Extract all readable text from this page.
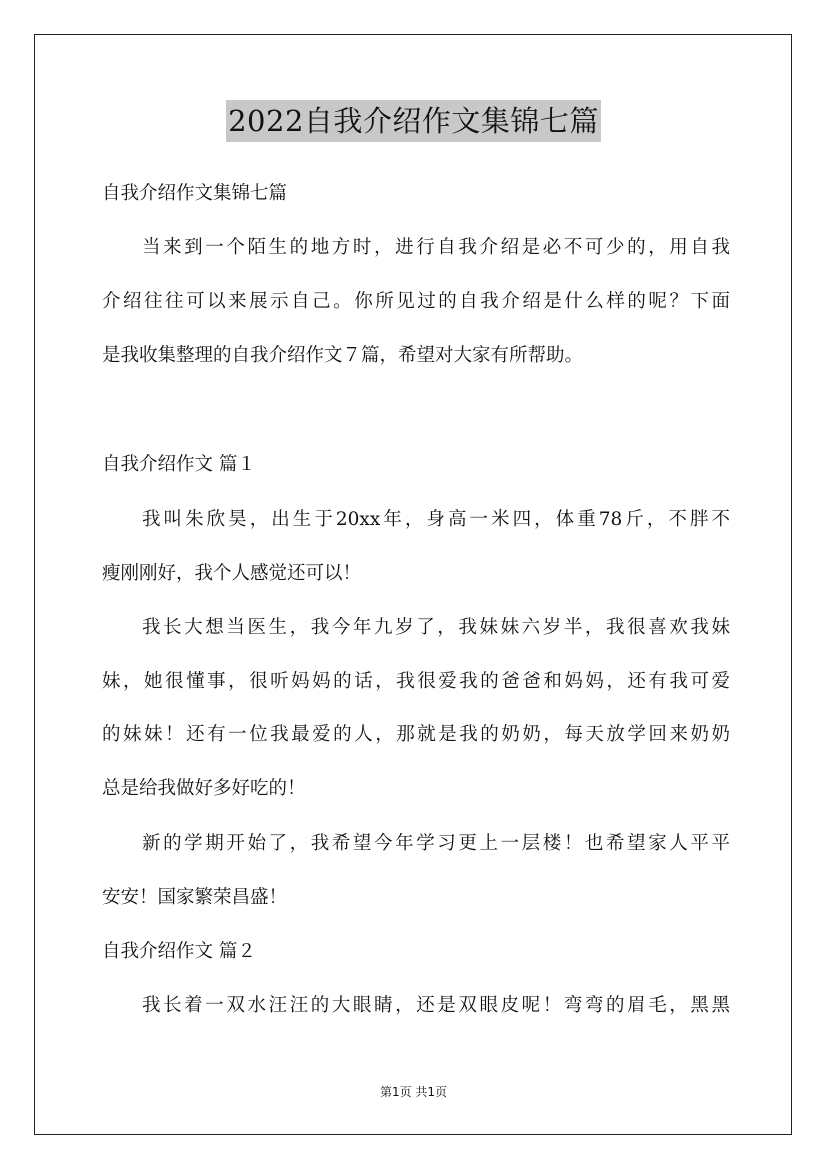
2022自我介绍作文集锦七篇

自我介绍作文集锦七篇

当来到一个陌生的地方时，进行自我介绍是必不可少的，用自我

介绍往往可以来展示自己。你所见过的自我介绍是什么样的呢？下面

是我收集整理的自我介绍作文７篇，希望对大家有所帮助。

自我介绍作文 篇１

我叫朱欣昊，出生于20xx年，身高一米四，体重78斤，不胖不

瘦刚刚好，我个人感觉还可以！

我长大想当医生，我今年九岁了，我妹妹六岁半，我很喜欢我妹

妹，她很懂事，很听妈妈的话，我很爱我的爸爸和妈妈，还有我可爱

的妹妹！还有一位我最爱的人，那就是我的奶奶，每天放学回来奶奶

总是给我做好多好吃的！

新的学期开始了，我希望今年学习更上一层楼！也希望家人平平

安安！国家繁荣昌盛！

自我介绍作文 篇２

我长着一双水汪汪的大眼睛，还是双眼皮呢！弯弯的眉毛，黑黑

第1页 共1页
